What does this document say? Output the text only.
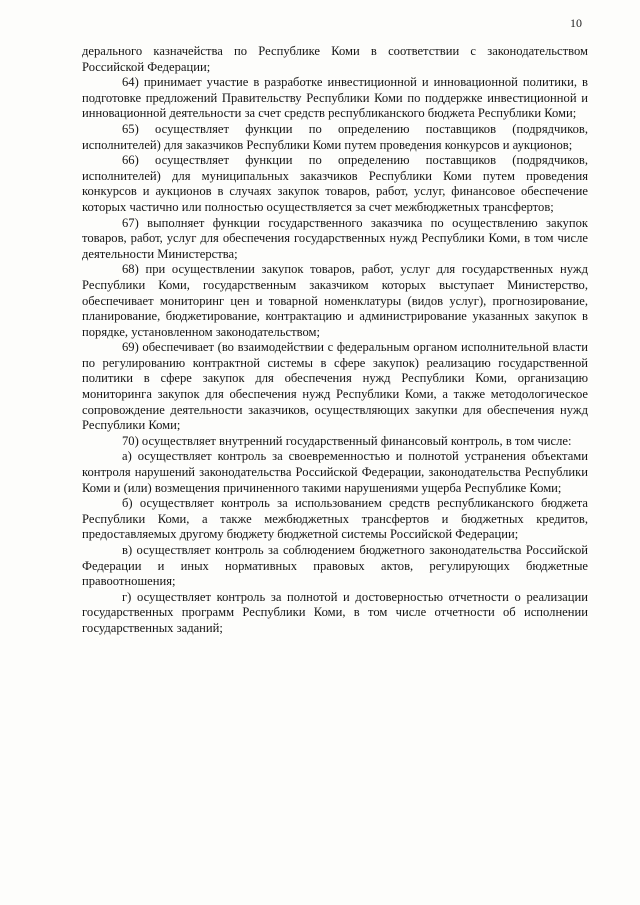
10

дерального казначейства по Республике Коми в соответствии с законодательством Российской Федерации;

64) принимает участие в разработке инвестиционной и инновационной политики, в подготовке предложений Правительству Республики Коми по поддержке инвестиционной и инновационной деятельности за счет средств республиканского бюджета Республики Коми;

65) осуществляет функции по определению поставщиков (подрядчиков, исполнителей) для заказчиков Республики Коми путем проведения конкурсов и аукционов;

66) осуществляет функции по определению поставщиков (подрядчиков, исполнителей) для муниципальных заказчиков Республики Коми путем проведения конкурсов и аукционов в случаях закупок товаров, работ, услуг, финансовое обеспечение которых частично или полностью осуществляется за счет межбюджетных трансфертов;

67) выполняет функции государственного заказчика по осуществлению закупок товаров, работ, услуг для обеспечения государственных нужд Республики Коми, в том числе деятельности Министерства;

68) при осуществлении закупок товаров, работ, услуг для государственных нужд Республики Коми, государственным заказчиком которых выступает Министерство, обеспечивает мониторинг цен и товарной номенклатуры (видов услуг), прогнозирование, планирование, бюджетирование, контрактацию и администрирование указанных закупок в порядке, установленном законодательством;

69) обеспечивает (во взаимодействии с федеральным органом исполнительной власти по регулированию контрактной системы в сфере закупок) реализацию государственной политики в сфере закупок для обеспечения нужд Республики Коми, организацию мониторинга закупок для обеспечения нужд Республики Коми, а также методологическое сопровождение деятельности заказчиков, осуществляющих закупки для обеспечения нужд Республики Коми;

70) осуществляет внутренний государственный финансовый контроль, в том числе:

а) осуществляет контроль за своевременностью и полнотой устранения объектами контроля нарушений законодательства Российской Федерации, законодательства Республики Коми и (или) возмещения причиненного такими нарушениями ущерба Республике Коми;

б) осуществляет контроль за использованием средств республиканского бюджета Республики Коми, а также межбюджетных трансфертов и бюджетных кредитов, предоставляемых другому бюджету бюджетной системы Российской Федерации;

в) осуществляет контроль за соблюдением бюджетного законодательства Российской Федерации и иных нормативных правовых актов, регулирующих бюджетные правоотношения;

г) осуществляет контроль за полнотой и достоверностью отчетности о реализации государственных программ Республики Коми, в том числе отчетности об исполнении государственных заданий;
